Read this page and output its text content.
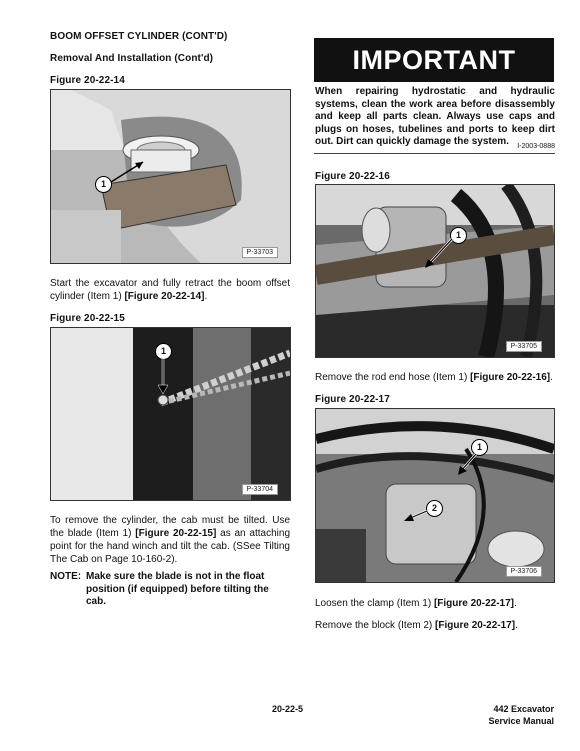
BOOM OFFSET CYLINDER (CONT'D)
Removal And Installation (Cont'd)
Figure 20-22-14
1
P-33703
Start the excavator and fully retract the boom offset cylinder (Item 1) [Figure 20-22-14].
Figure 20-22-15
1
P-33704
To remove the cylinder, the cab must be tilted. Use the blade (Item 1) [Figure 20-22-15] as an attaching point for the hand winch and tilt the cab. (SSee Tilting The Cab on Page 10-160-2).
NOTE: Make sure the blade is not in the float position (if equipped) before tilting the cab.
IMPORTANT
When repairing hydrostatic and hydraulic systems, clean the work area before disassembly and keep all parts clean. Always use caps and plugs on hoses, tubelines and ports to keep dirt out. Dirt can quickly damage the system.	I-2003-0888
Figure 20-22-16
1
P-33705
Remove the rod end hose (Item 1) [Figure 20-22-16].
Figure 20-22-17
1
2
P-33706
Loosen the clamp (Item 1) [Figure 20-22-17].
Remove the block (Item 2) [Figure 20-22-17].
20-22-5	442 Excavator
Service Manual
